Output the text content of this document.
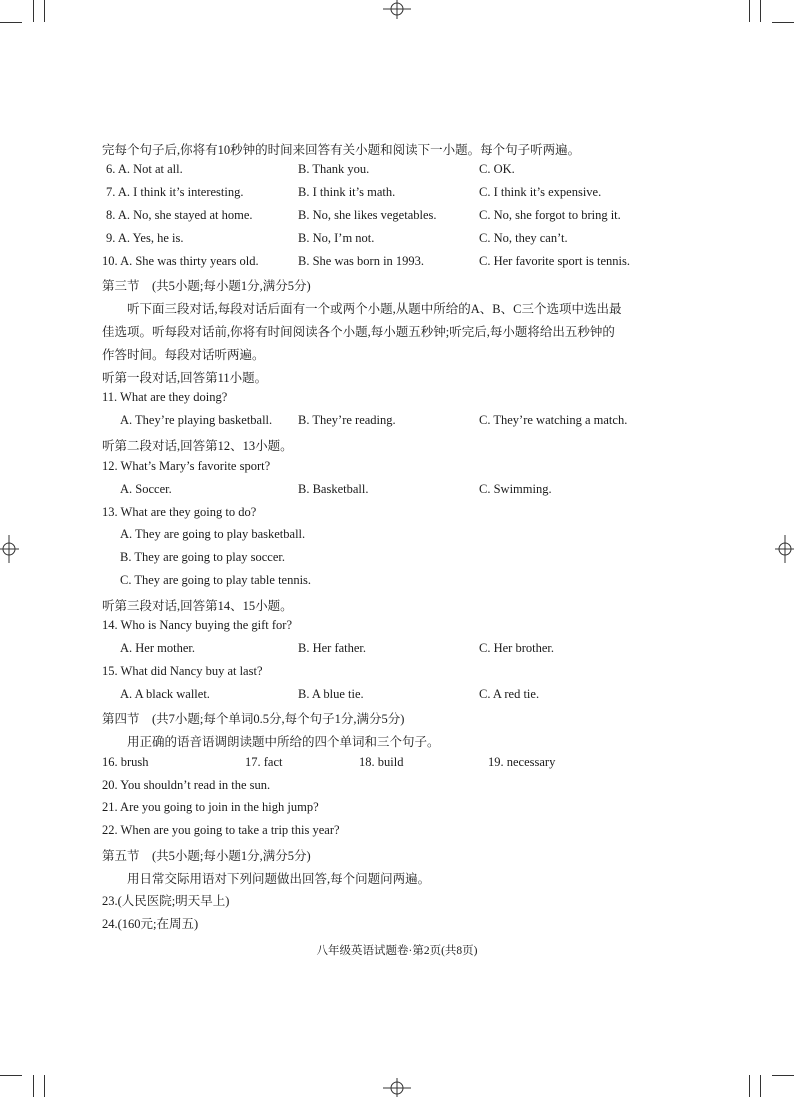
完每个句子后,你将有10秒钟的时间来回答有关小题和阅读下一小题。每个句子听两遍。
6. A. Not at all.	B. Thank you.	C. OK.
7. A. I think it’s interesting.	B. I think it’s math.	C. I think it’s expensive.
8. A. No, she stayed at home.	B. No, she likes vegetables.	C. No, she forgot to bring it.
9. A. Yes, he is.	B. No, I’m not.	C. No, they can’t.
10. A. She was thirty years old.	B. She was born in 1993.	C. Her favorite sport is tennis.
第三节　(共5小题;每小题1分,满分5分)
听下面三段对话,每段对话后面有一个或两个小题,从题中所给的A、B、C三个选项中选出最
佳选项。听每段对话前,你将有时间阅读各个小题,每小题五秒钟;听完后,每小题将给出五秒钟的
作答时间。每段对话听两遍。
听第一段对话,回答第11小题。
11. What are they doing?
A. They’re playing basketball. B. They’re reading.	C. They’re watching a match.
听第二段对话,回答第12、13小题。
12. What’s Mary’s favorite sport?
A. Soccer.	B. Basketball.	C. Swimming.
13. What are they going to do?
A. They are going to play basketball.
B. They are going to play soccer.
C. They are going to play table tennis.
听第三段对话,回答第14、15小题。
14. Who is Nancy buying the gift for?
A. Her mother.	B. Her father.	C. Her brother.
15. What did Nancy buy at last?
A. A black wallet.	B. A blue tie.	C. A red tie.
第四节　(共7小题;每个单词0.5分,每个句子1分,满分5分)
用正确的语音语调朗读题中所给的四个单词和三个句子。
16. brush	17. fact	18. build	19. necessary
20. You shouldn’t read in the sun.
21. Are you going to join in the high jump?
22. When are you going to take a trip this year?
第五节　(共5小题;每小题1分,满分5分)
用日常交际用语对下列问题做出回答,每个问题问两遍。
23.(人民医院;明天早上)
24.(160元;在周五)
八年级英语试题卷·第2页(共8页)
